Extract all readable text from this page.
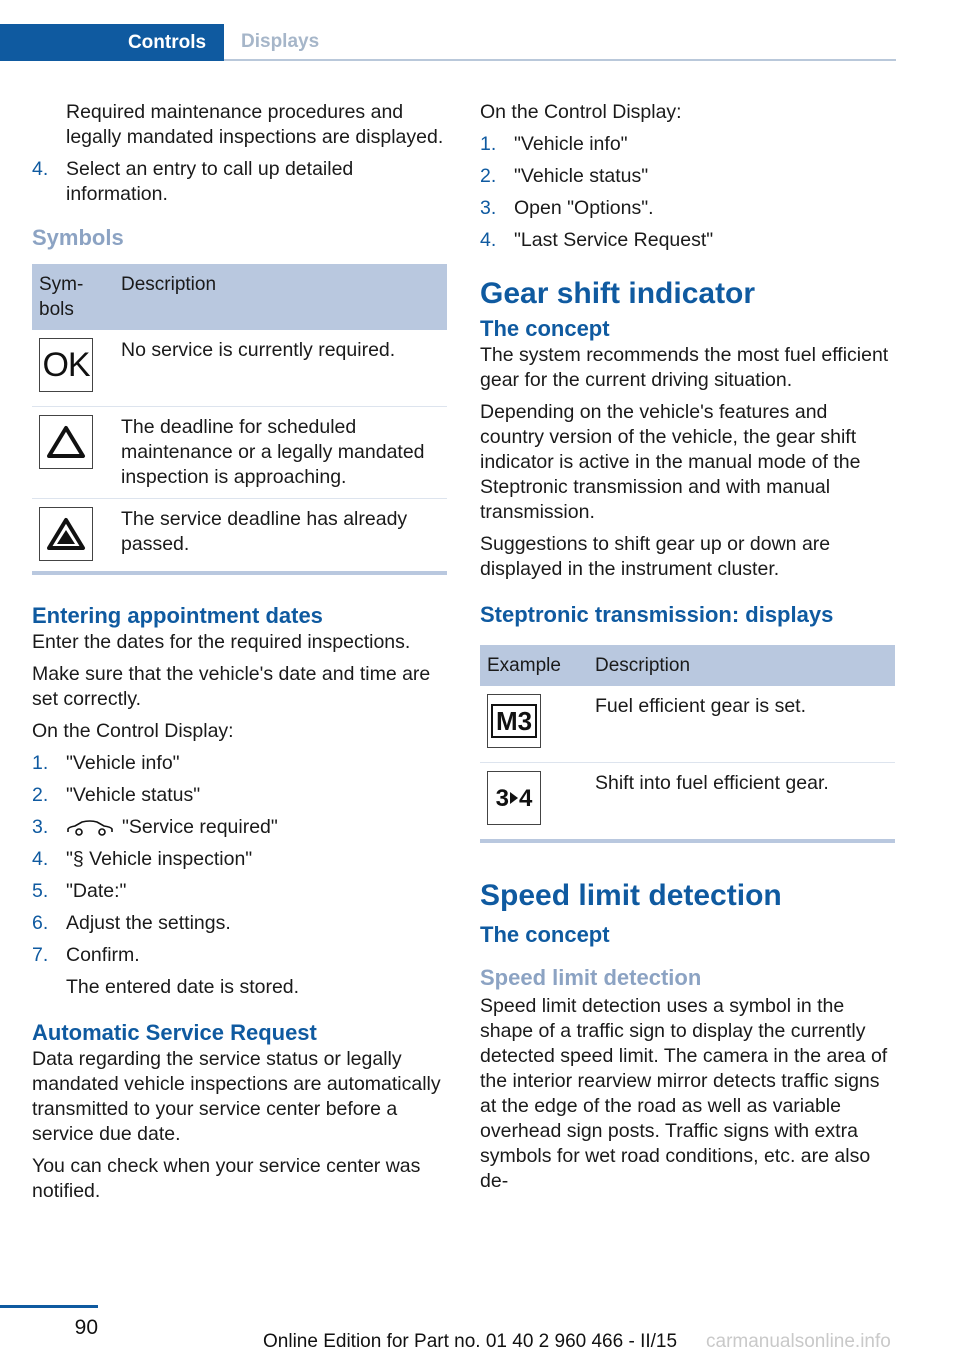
Controls Displays

Required maintenance procedures and legally mandated inspections are displayed.

4. Select an entry to call up detailed information.
Symbols
Sym-bols	Description

OK	No service is currently required.

	The deadline for scheduled maintenance or a legally mandated inspection is approaching.

	The service deadline has already passed.
Entering appointment dates

Enter the dates for the required inspections.

Make sure that the vehicle's date and time are set correctly.

On the Control Display:

1. "Vehicle info"
2. "Vehicle status"
3.	"Service required"
4. "§ Vehicle inspection"
5. "Date:"
6. Adjust the settings.
7. Confirm.

The entered date is stored.

Automatic Service Request

Data regarding the service status or legally mandated vehicle inspections are automatically transmitted to your service center before a service due date.

You can check when your service center was notified.

On the Control Display:

1. "Vehicle info"
2. "Vehicle status"
3. Open "Options".
4. "Last Service Request"
Gear shift indicator
The concept

The system recommends the most fuel efficient gear for the current driving situation.

Depending on the vehicle's features and country version of the vehicle, the gear shift indicator is active in the manual mode of the Steptronic transmission and with manual transmission.

Suggestions to shift gear up or down are displayed in the instrument cluster.

Steptronic transmission: displays
Example	Description

M3	Fuel efficient gear is set.

3 4	Shift into fuel efficient gear.
Speed limit detection
The concept
Speed limit detection

Speed limit detection uses a symbol in the shape of a traffic sign to display the currently detected speed limit. The camera in the area of the interior rearview mirror detects traffic signs at the edge of the road as well as variable overhead sign posts. Traffic signs with extra symbols for wet road conditions, etc. are also de-

90
Online Edition for Part no. 01 40 2 960 466 - II/15 carmanualsonline.info
